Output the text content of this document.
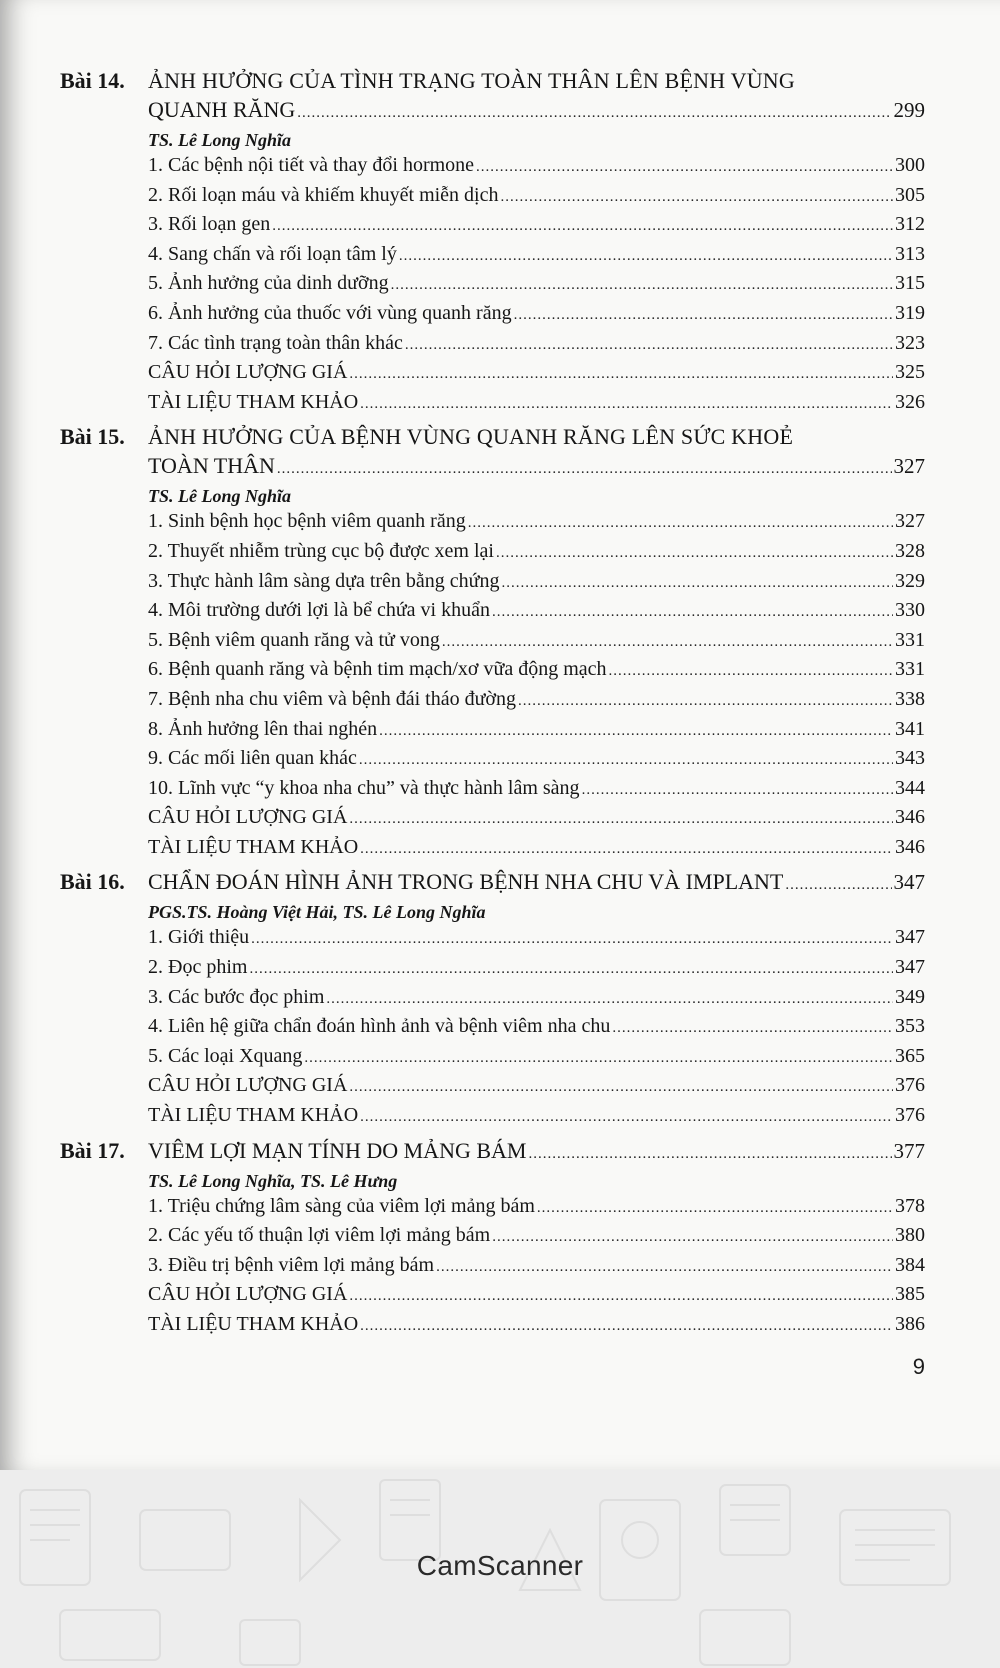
Bài 14.	ẢNH HƯỞNG CỦA TÌNH TRẠNG TOÀN THÂN LÊN BỆNH VÙNG
QUANH RĂNG .....	299
TS. Lê Long Nghĩa
1. Các bệnh nội tiết và thay đổi hormone .....	300
2. Rối loạn máu và khiếm khuyết miễn dịch .....	305
3. Rối loạn gen .....	312
4. Sang chấn và rối loạn tâm lý .....	313
5. Ảnh hưởng của dinh dưỡng .....	315
6. Ảnh hưởng của thuốc với vùng quanh răng .....	319
7. Các tình trạng toàn thân khác .....	323
CÂU HỎI LƯỢNG GIÁ .....	325
TÀI LIỆU THAM KHẢO .....	326
Bài 15.	ẢNH HƯỞNG CỦA BỆNH VÙNG QUANH RĂNG LÊN SỨC KHOẺ
TOÀN THÂN .....	327
TS. Lê Long Nghĩa
1. Sinh bệnh học bệnh viêm quanh răng .....	327
2. Thuyết nhiễm trùng cục bộ được xem lại .....	328
3. Thực hành lâm sàng dựa trên bằng chứng .....	329
4. Môi trường dưới lợi là bể chứa vi khuẩn .....	330
5. Bệnh viêm quanh răng và tử vong .....	331
6. Bệnh quanh răng và bệnh tim mạch/xơ vữa động mạch .....	331
7. Bệnh nha chu viêm và bệnh đái tháo đường .....	338
8. Ảnh hưởng lên thai nghén .....	341
9. Các mối liên quan khác .....	343
10. Lĩnh vực “y khoa nha chu” và thực hành lâm sàng .....	344
CÂU HỎI LƯỢNG GIÁ .....	346
TÀI LIỆU THAM KHẢO .....	346
Bài 16.	CHẨN ĐOÁN HÌNH ẢNH TRONG BỆNH NHA CHU VÀ IMPLANT .....	347
PGS.TS. Hoàng Việt Hải, TS. Lê Long Nghĩa
1. Giới thiệu .....	347
2. Đọc phim .....	347
3. Các bước đọc phim .....	349
4. Liên hệ giữa chẩn đoán hình ảnh và bệnh viêm nha chu .....	353
5. Các loại Xquang .....	365
CÂU HỎI LƯỢNG GIÁ .....	376
TÀI LIỆU THAM KHẢO .....	376
Bài 17.	VIÊM LỢI MẠN TÍNH DO MẢNG BÁM .....	377
TS. Lê Long Nghĩa, TS. Lê Hưng
1. Triệu chứng lâm sàng của viêm lợi mảng bám .....	378
2. Các yếu tố thuận lợi viêm lợi mảng bám .....	380
3. Điều trị bệnh viêm lợi mảng bám .....	384
CÂU HỎI LƯỢNG GIÁ .....	385
TÀI LIỆU THAM KHẢO .....	386
9
CamScanner
